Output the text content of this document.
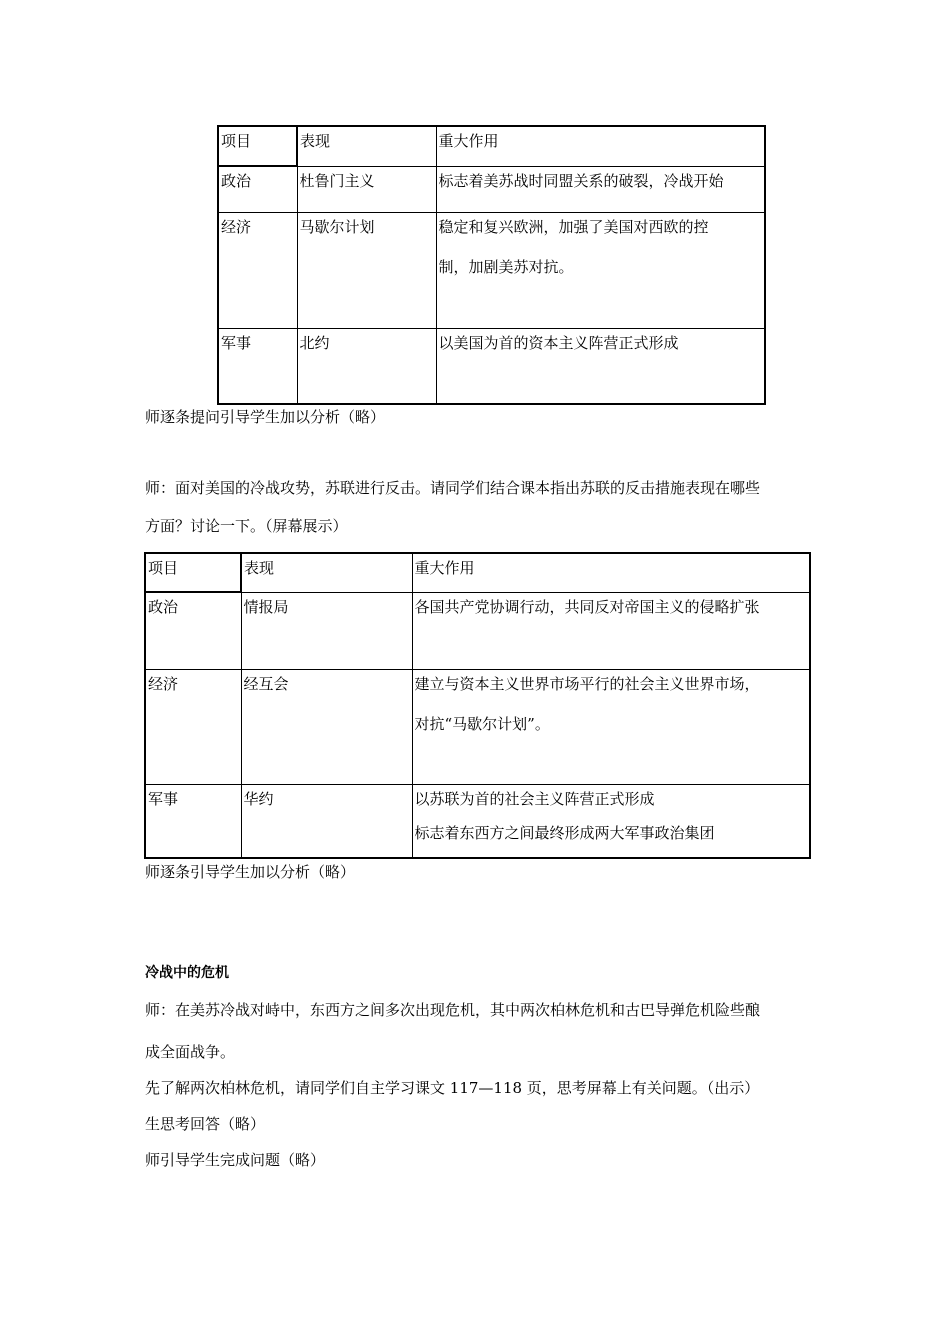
项目	表现	重大作用
政治	杜鲁门主义	标志着美苏战时同盟关系的破裂，冷战开始
经济	马歇尔计划	稳定和复兴欧洲，加强了美国对西欧的控
制，加剧美苏对抗。

军事	北约	以美国为首的资本主义阵营正式形成
师逐条提问引导学生加以分析（略）
师：面对美国的冷战攻势，苏联进行反击。请同学们结合课本指出苏联的反击措施表现在哪些
方面？讨论一下。（屏幕展示）
项目	表现	重大作用
政治	情报局	各国共产党协调行动，共同反对帝国主义的侵略扩张
经济	经互会	建立与资本主义世界市场平行的社会主义世界市场，
对抗“马歇尔计划”。

军事	华约	以苏联为首的社会主义阵营正式形成
标志着东西方之间最终形成两大军事政治集团
师逐条引导学生加以分析（略）
冷战中的危机
师：在美苏冷战对峙中，东西方之间多次出现危机，其中两次柏林危机和古巴导弹危机险些酿
成全面战争。
先了解两次柏林危机，请同学们自主学习课文 117—118 页，思考屏幕上有关问题。（出示）
生思考回答（略）
师引导学生完成问题（略）
